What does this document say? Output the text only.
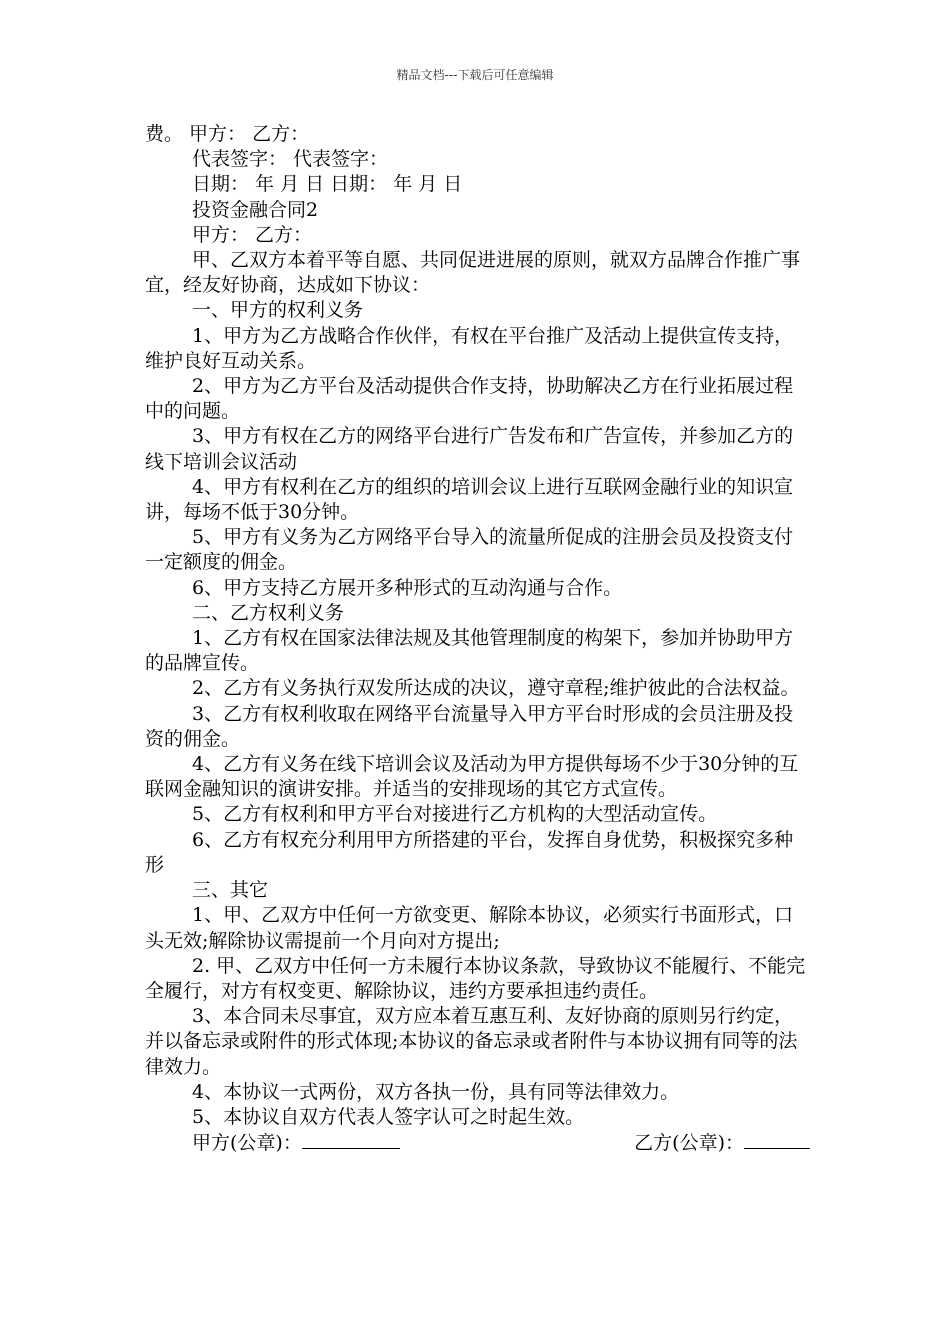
精品文档---下载后可任意编辑

费。 甲方： 乙方：

代表签字： 代表签字：

日期： 年 月 日 日期： 年 月 日

投资金融合同2

甲方： 乙方：

甲、乙双方本着平等自愿、共同促进进展的原则，就双方品牌合作推广事宜，经友好协商，达成如下协议：

一、甲方的权利义务

1、甲方为乙方战略合作伙伴，有权在平台推广及活动上提供宣传支持，维护良好互动关系。

2、甲方为乙方平台及活动提供合作支持，协助解决乙方在行业拓展过程中的问题。

3、甲方有权在乙方的网络平台进行广告发布和广告宣传，并参加乙方的线下培训会议活动

4、甲方有权利在乙方的组织的培训会议上进行互联网金融行业的知识宣讲，每场不低于30分钟。

5、甲方有义务为乙方网络平台导入的流量所促成的注册会员及投资支付一定额度的佣金。

6、甲方支持乙方展开多种形式的互动沟通与合作。

二、乙方权利义务

1、乙方有权在国家法律法规及其他管理制度的构架下，参加并协助甲方的品牌宣传。

2、乙方有义务执行双发所达成的决议，遵守章程;维护彼此的合法权益。

3、乙方有权利收取在网络平台流量导入甲方平台时形成的会员注册及投资的佣金。

4、乙方有义务在线下培训会议及活动为甲方提供每场不少于30分钟的互联网金融知识的演讲安排。并适当的安排现场的其它方式宣传。

5、乙方有权利和甲方平台对接进行乙方机构的大型活动宣传。

6、乙方有权充分利用甲方所搭建的平台，发挥自身优势，积极探究多种形

三、其它

1、甲、乙双方中任何一方欲变更、解除本协议，必须实行书面形式，口头无效;解除协议需提前一个月向对方提出;

2. 甲、乙双方中任何一方未履行本协议条款，导致协议不能履行、不能完全履行，对方有权变更、解除协议，违约方要承担违约责任。

3、本合同未尽事宜，双方应本着互惠互利、友好协商的原则另行约定，并以备忘录或附件的形式体现;本协议的备忘录或者附件与本协议拥有同等的法律效力。

4、本协议一式两份，双方各执一份，具有同等法律效力。

5、本协议自双方代表人签字认可之时起生效。

甲方(公章)：	乙方(公章)：
